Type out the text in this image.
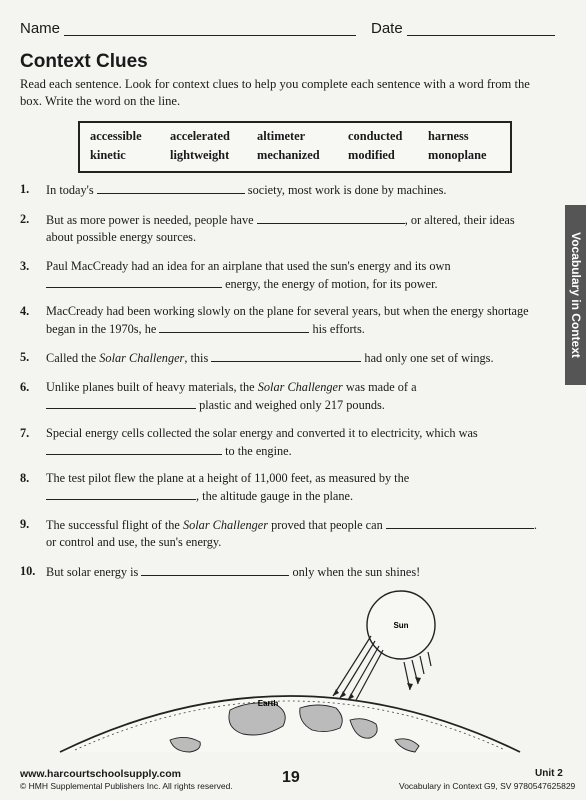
Name	Date
Context Clues
Read each sentence. Look for context clues to help you complete each sentence with a word from the box. Write the word on the line.
accessible accelerated altimeter	conducted harness
kinetic	lightweight mechanized modified	monoplane
Vocabulary in Context
1.	In today's	society, most work is done by machines.
2.	But as more power is needed, people have	, or altered, their ideas
about possible energy sources.
3.	Paul MacCready had an idea for an airplane that used the sun's energy and its own
energy, the energy of motion, for its power.
4.	MacCready had been working slowly on the plane for several years, but when the energy shortage
began in the 1970s, he	his efforts.
5.	Called the Solar Challenger, this	had only one set of wings.
6.	Unlike planes built of heavy materials, the Solar Challenger was made of a
plastic and weighed only 217 pounds.
7.	Special energy cells collected the solar energy and converted it to electricity, which was
to the engine.
8.	The test pilot flew the plane at a height of 11,000 feet, as measured by the
, the altitude gauge in the plane.
9.	The successful flight of the Solar Challenger proved that people can	.
or control and use, the sun's energy.
10. But solar energy is	only when the sun shines!
Sun
Earth
www.harcourtschoolsupply.com
© HMH Supplemental Publishers Inc. All rights reserved.	19	Unit 2
Vocabulary in Context G9, SV 9780547625829
